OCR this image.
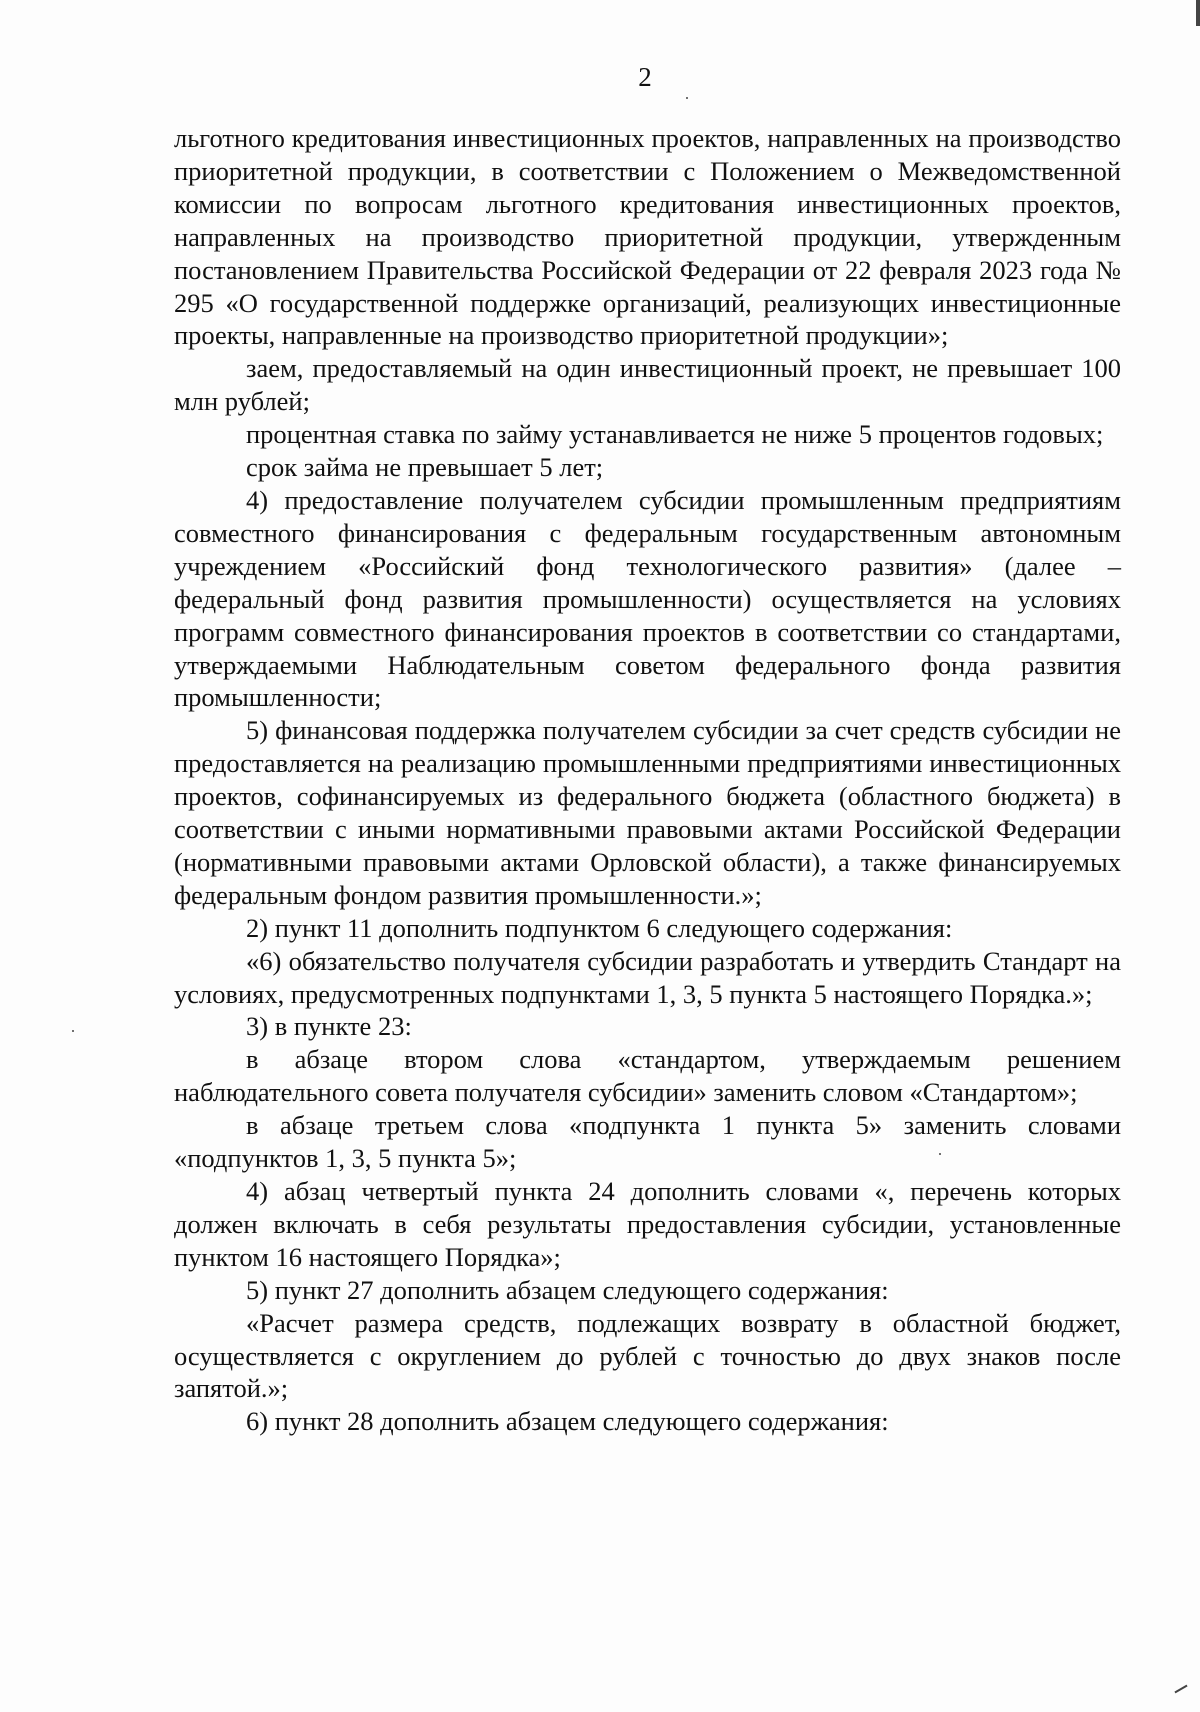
2

льготного кредитования инвестиционных проектов, направленных на производство приоритетной продукции, в соответствии с Положением о Межведомственной комиссии по вопросам льготного кредитования инвестиционных проектов, направленных на производство приоритетной продукции, утвержденным постановлением Правительства Российской Федерации от 22 февраля 2023 года № 295 «О государственной поддержке организаций, реализующих инвестиционные проекты, направленные на производство приоритетной продукции»;

заем, предоставляемый на один инвестиционный проект, не превышает 100 млн рублей;

процентная ставка по займу устанавливается не ниже 5 процентов годовых;

срок займа не превышает 5 лет;

4) предоставление получателем субсидии промышленным предприятиям совместного финансирования с федеральным государственным автономным учреждением «Российский фонд технологического развития» (далее – федеральный фонд развития промышленности) осуществляется на условиях программ совместного финансирования проектов в соответствии со стандартами, утверждаемыми Наблюдательным советом федерального фонда развития промышленности;

5) финансовая поддержка получателем субсидии за счет средств субсидии не предоставляется на реализацию промышленными предприятиями инвестиционных проектов, софинансируемых из федерального бюджета (областного бюджета) в соответствии с иными нормативными правовыми актами Российской Федерации (нормативными правовыми актами Орловской области), а также финансируемых федеральным фондом развития промышленности.»;

2) пункт 11 дополнить подпунктом 6 следующего содержания:

«6) обязательство получателя субсидии разработать и утвердить Стандарт на условиях, предусмотренных подпунктами 1, 3, 5 пункта 5 настоящего Порядка.»;

3) в пункте 23:

в абзаце втором слова «стандартом, утверждаемым решением наблюдательного совета получателя субсидии» заменить словом «Стандартом»;

в абзаце третьем слова «подпункта 1 пункта 5» заменить словами «подпунктов 1, 3, 5 пункта 5»;

4) абзац четвертый пункта 24 дополнить словами «, перечень которых должен включать в себя результаты предоставления субсидии, установленные пунктом 16 настоящего Порядка»;

5) пункт 27 дополнить абзацем следующего содержания:

«Расчет размера средств, подлежащих возврату в областной бюджет, осуществляется с округлением до рублей с точностью до двух знаков после запятой.»;

6) пункт 28 дополнить абзацем следующего содержания:
